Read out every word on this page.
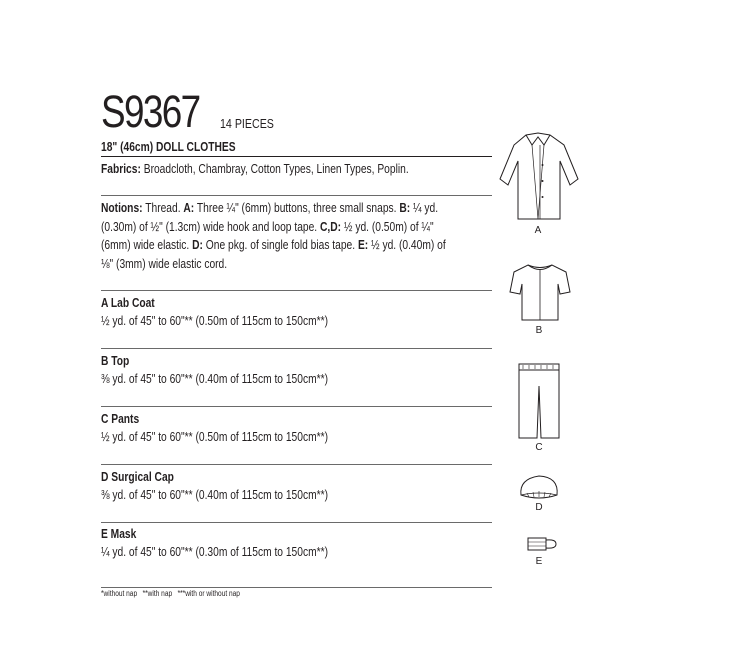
S9367	14 PIECES
18" (46cm) DOLL CLOTHES
Fabrics: Broadcloth, Chambray, Cotton Types, Linen Types, Poplin.
Notions: Thread. A: Three ¼" (6mm) buttons, three small snaps. B: ¼ yd.
(0.30m) of ½" (1.3cm) wide hook and loop tape. C,D: ½ yd. (0.50m) of ¼"
(6mm) wide elastic. D: One pkg. of single fold bias tape. E: ½ yd. (0.40m) of
⅛" (3mm) wide elastic cord.
A Lab Coat
½ yd. of 45" to 60"** (0.50m of 115cm to 150cm**)
B Top
⅜ yd. of 45" to 60"** (0.40m of 115cm to 150cm**)
C Pants
½ yd. of 45" to 60"** (0.50m of 115cm to 150cm**)
D Surgical Cap
⅜ yd. of 45" to 60"** (0.40m of 115cm to 150cm**)
E Mask
¼ yd. of 45" to 60"** (0.30m of 115cm to 150cm**)
*without nap   **with nap   ***with or without nap
A
B
C
D
E
